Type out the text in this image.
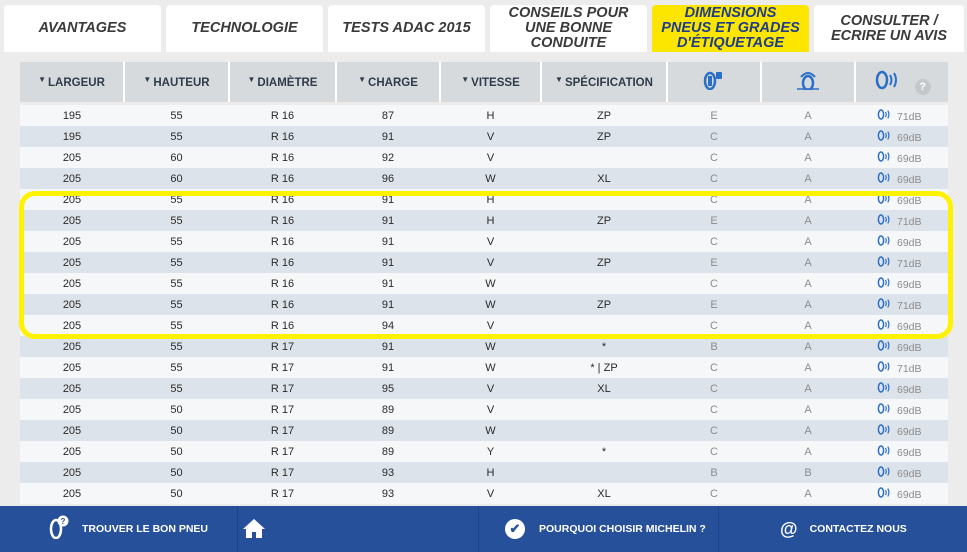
AVANTAGES	TECHNOLOGIE	TESTS ADAC 2015
CONSEILS POUR
UNE BONNE
CONDUITE
DIMENSIONS
PNEUS ET GRADES
D'ÉTIQUETAGE
CONSULTER /
ECRIRE UN AVIS
▼ LARGEUR	▼ HAUTEUR	▼ DIAMÈTRE	▼ CHARGE	▼ VITESSE	▼ SPÉCIFICATION			?

195	55	R 16	87	H	ZP	E	A	71dB
195	55	R 16	91	V	ZP	C	A	69dB
205	60	R 16	92	V		C	A	69dB
205	60	R 16	96	W	XL	C	A	69dB
205	55	R 16	91	H		C	A	69dB
205	55	R 16	91	H	ZP	E	A	71dB
205	55	R 16	91	V		C	A	69dB
205	55	R 16	91	V	ZP	E	A	71dB
205	55	R 16	91	W		C	A	69dB
205	55	R 16	91	W	ZP	E	A	71dB
205	55	R 16	94	V		C	A	69dB
205	55	R 17	91	W	*	B	A	69dB
205	55	R 17	91	W	* | ZP	C	A	71dB
205	55	R 17	95	V	XL	C	A	69dB
205	50	R 17	89	V		C	A	69dB
205	50	R 17	89	W		C	A	69dB
205	50	R 17	89	Y	*	C	A	69dB
205	50	R 17	93	H		B	B	69dB
205	50	R 17	93	V	XL	C	A	69dB
?
TROUVER LE BON PNEU	✔	POURQUOI CHOISIR MICHELIN ?	@ CONTACTEZ NOUS
